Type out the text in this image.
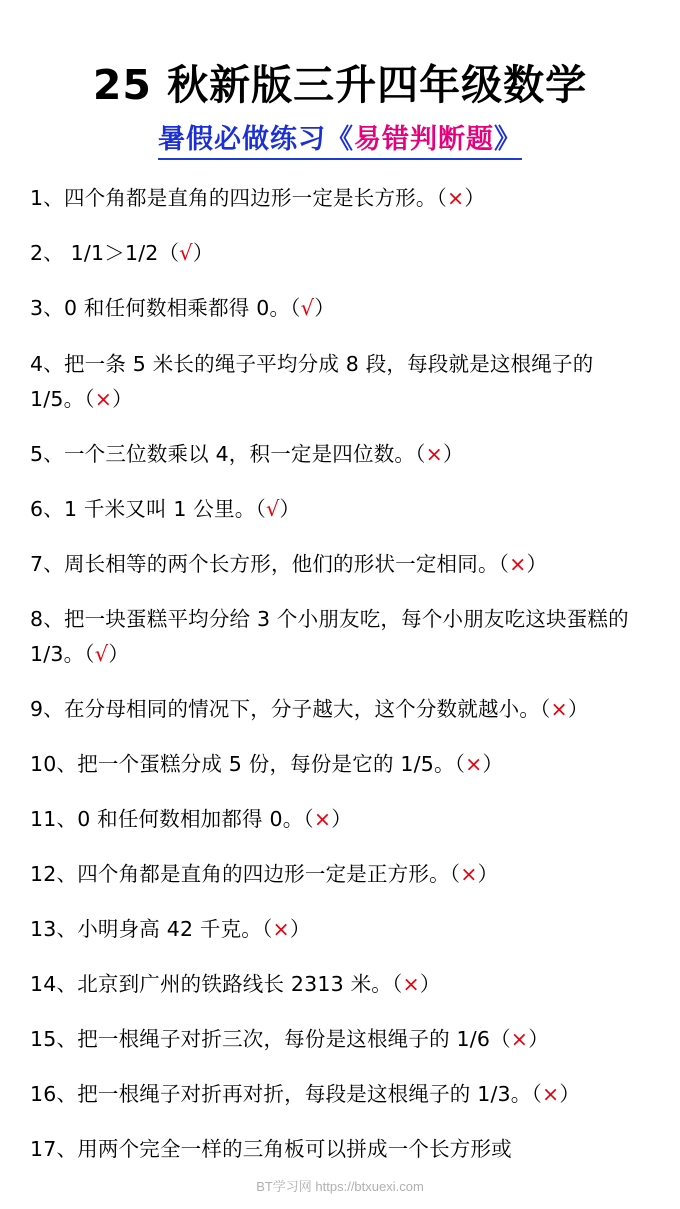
25 秋新版三升四年级数学
暑假必做练习《易错判断题》

1、四个角都是直角的四边形一定是长方形。（×）

2、 1/1＞1/2（√）

3、0 和任何数相乘都得 0。（√）

4、把一条 5 米长的绳子平均分成 8 段，每段就是这根绳子的 1/5。（×）

5、一个三位数乘以 4，积一定是四位数。（×）

6、1 千米又叫 1 公里。（√）

7、周长相等的两个长方形，他们的形状一定相同。（×）

8、把一块蛋糕平均分给 3 个小朋友吃，每个小朋友吃这块蛋糕的 1/3。（√）

9、在分母相同的情况下，分子越大，这个分数就越小。（×）

10、把一个蛋糕分成 5 份，每份是它的 1/5。（×）

11、0 和任何数相加都得 0。（×）

12、四个角都是直角的四边形一定是正方形。（×）

13、小明身高 42 千克。（×）

14、北京到广州的铁路线长 2313 米。（×）

15、把一根绳子对折三次，每份是这根绳子的 1/6（×）

16、把一根绳子对折再对折，每段是这根绳子的 1/3。（×）

17、用两个完全一样的三角板可以拼成一个长方形或

BT学习网 https://btxuexi.com
